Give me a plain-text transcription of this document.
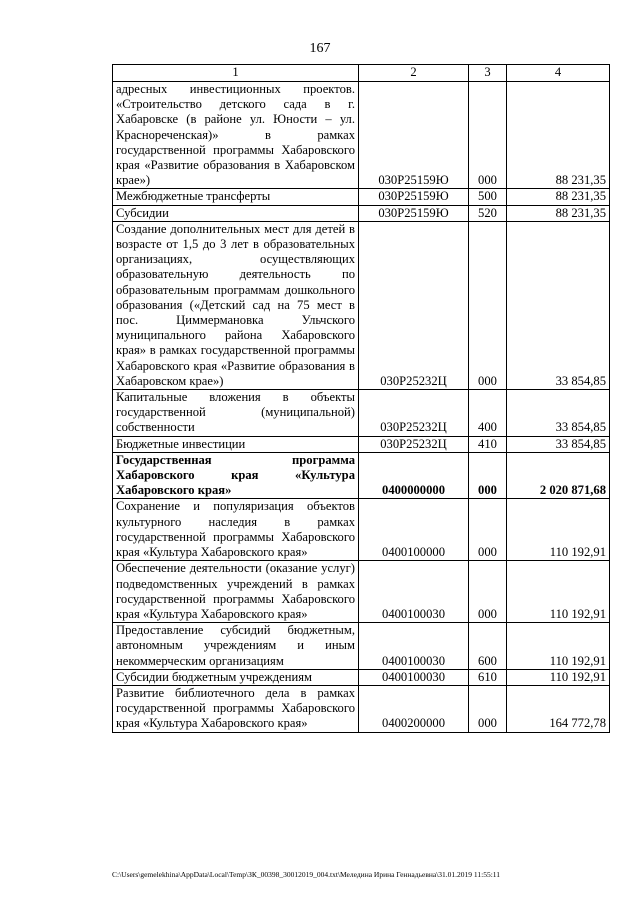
167
1	2	3	4
адресных инвестиционных проектов. «Строительство детского сада в г. Хабаровске (в районе ул. Юности – ул. Краснореченская)» в рамках государственной программы Хабаровского края «Развитие образования в Хабаровском крае»)	030Р25159Ю	000	88 231,35
Межбюджетные трансферты	030Р25159Ю	500	88 231,35
Субсидии	030Р25159Ю	520	88 231,35
Создание дополнительных мест для детей в возрасте от 1,5 до 3 лет в образовательных организациях, осуществляющих образовательную деятельность по образовательным программам дошкольного образования («Детский сад на 75 мест в пос. Циммермановка Ульчского муниципального района Хабаровского края» в рамках государственной программы Хабаровского края «Развитие образования в Хабаровском крае»)	030Р25232Ц	000	33 854,85
Капитальные вложения в объекты государственной (муниципальной) собственности	030Р25232Ц	400	33 854,85
Бюджетные инвестиции	030Р25232Ц	410	33 854,85
Государственная программа Хабаровского края «Культура Хабаровского края»	0400000000	000	2 020 871,68
Сохранение и популяризация объектов культурного наследия в рамках государственной программы Хабаровского края «Культура Хабаровского края»	0400100000	000	110 192,91
Обеспечение деятельности (оказание услуг) подведомственных учреждений в рамках государственной программы Хабаровского края «Культура Хабаровского края»	0400100030	000	110 192,91
Предоставление субсидий бюджетным, автономным учреждениям и иным некоммерческим организациям	0400100030	600	110 192,91
Субсидии бюджетным учреждениям	0400100030	610	110 192,91
Развитие библиотечного дела в рамках государственной программы Хабаровского края «Культура Хабаровского края»	0400200000	000	164 772,78
C:\Users\gemelekhina\AppData\Local\Temp\ЗК_00398_30012019_004.txt\Меледина Ирина Геннадьевна\31.01.2019 11:55:11
